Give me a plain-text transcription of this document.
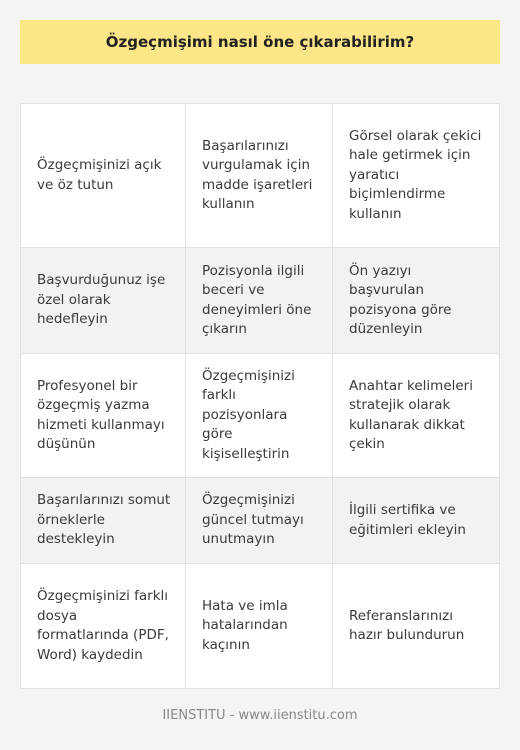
Özgeçmişimi nasıl öne çıkarabilirim?
Özgeçmişinizi açık ve öz tutun
Başarılarınızı vurgulamak için madde işaretleri kullanın
Görsel olarak çekici hale getirmek için yaratıcı biçimlendirme kullanın
Başvurduğunuz işe özel olarak hedefleyin
Pozisyonla ilgili beceri ve deneyimleri öne çıkarın
Ön yazıyı başvurulan pozisyona göre düzenleyin
Profesyonel bir özgeçmiş yazma hizmeti kullanmayı düşünün
Özgeçmişinizi farklı pozisyonlara göre kişiselleştirin
Anahtar kelimeleri stratejik olarak kullanarak dikkat çekin
Başarılarınızı somut örneklerle destekleyin
Özgeçmişinizi güncel tutmayı unutmayın
İlgili sertifika ve eğitimleri ekleyin
Özgeçmişinizi farklı dosya formatlarında (PDF, Word) kaydedin
Hata ve imla hatalarından kaçının
Referanslarınızı hazır bulundurun
IIENSTITU - www.iienstitu.com
